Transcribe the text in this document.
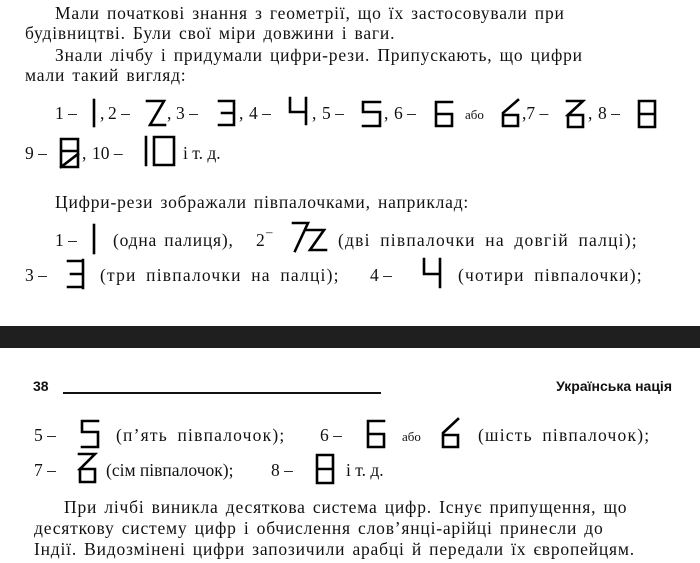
Мали початкові знання з геометрії, що їх застосовували при
будівництві. Були свої міри довжини і ваги.
Знали лічбу і придумали цифри-рези. Припускають, що цифри
мали такий вигляд:
1 – , 2 – , 3 – , 4 – , 5 – , 6 –	або ,7 – , 8 –
9 – , 10 –	і т. д.
Цифри-рези зображали півпалочками, наприклад:
1 – (одна палиця), 2 –	(дві півпалочки на довгій палці);
3 –	(три півпалочки на палці); 4 –	(чотири півпалочки);
38	Українська нація
5 –	(п’ять півпалочок); 6 –	або	(шість півпалочок);
7 –	(сім півпалочок); 8 –	і т. д.
При лічбі виникла десяткова система цифр. Існує припущення, що
десяткову систему цифр і обчислення слов’янці-арійці принесли до
Індії. Видозмінені цифри запозичили арабці й передали їх європейцям.
